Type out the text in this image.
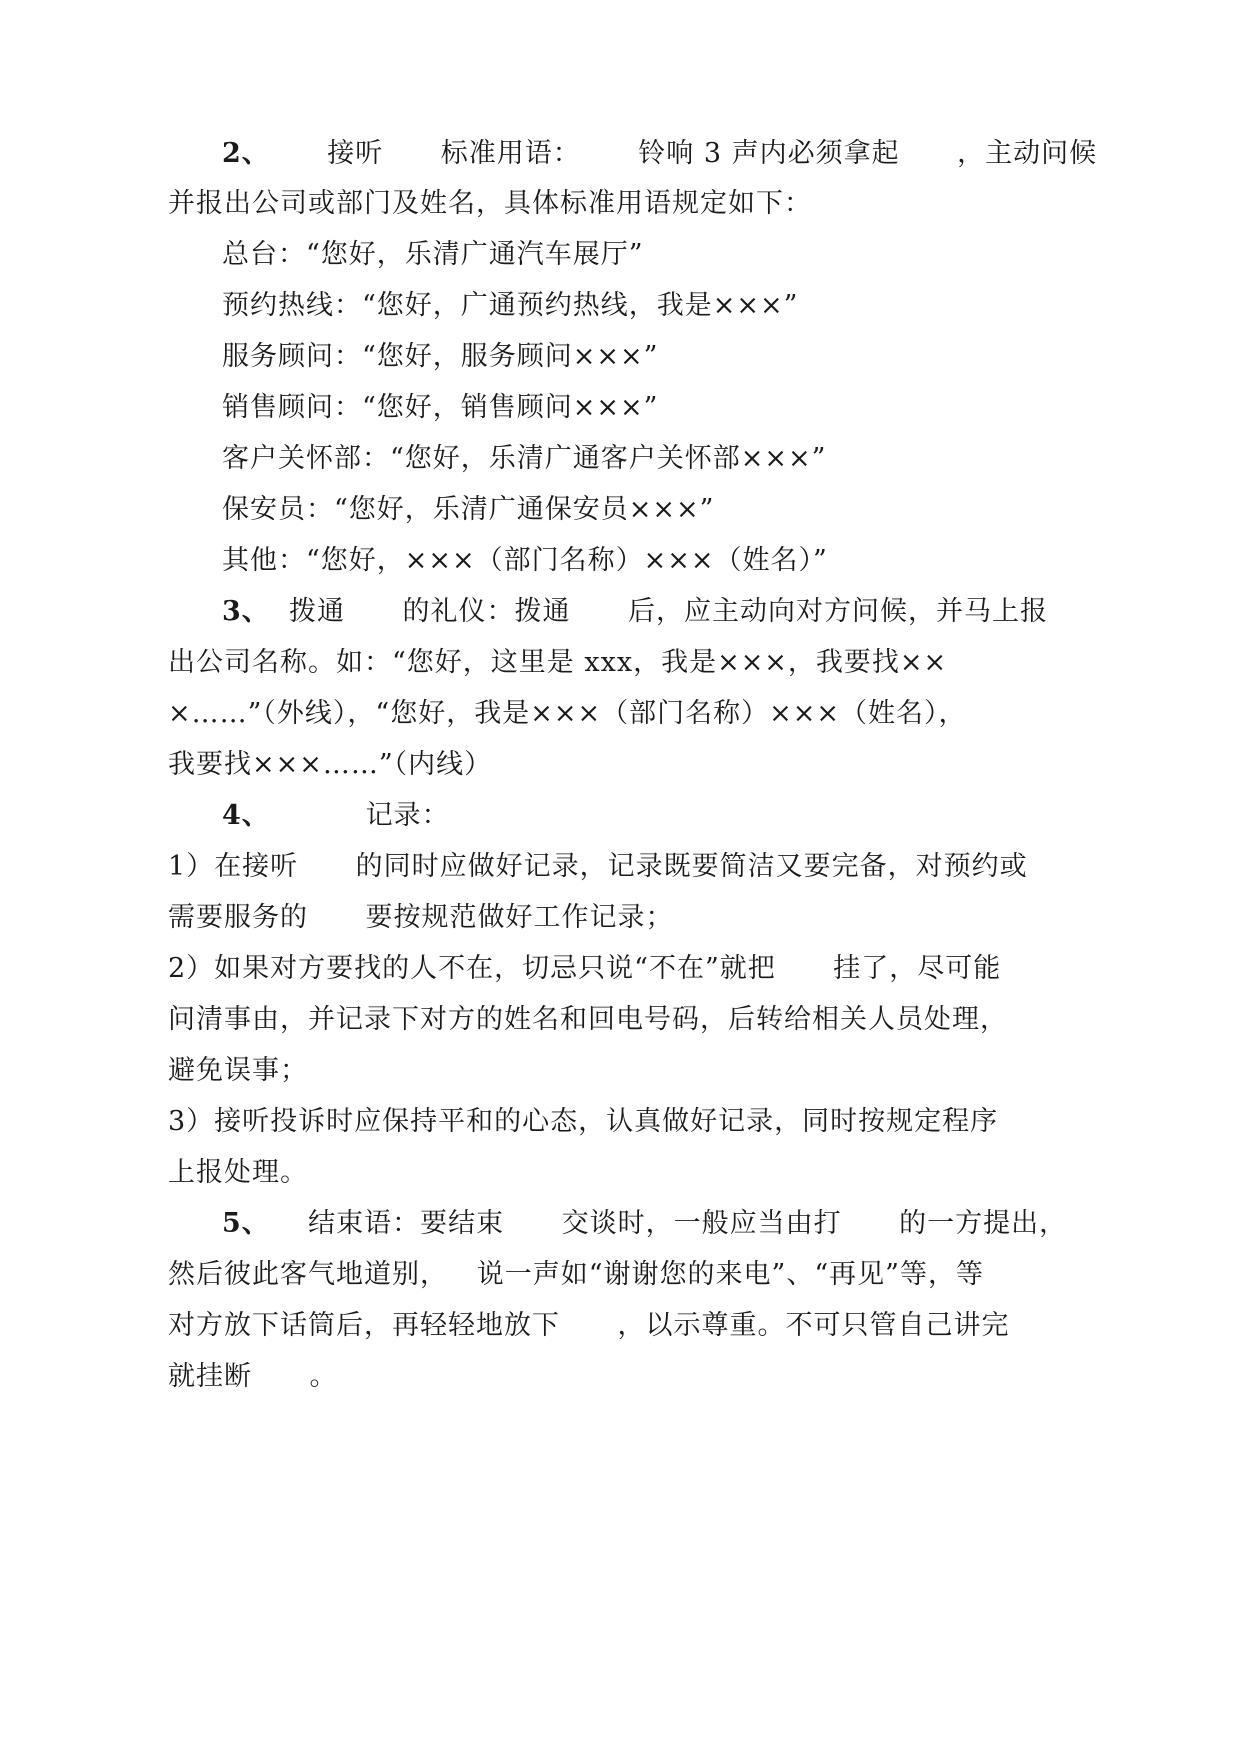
2、 接听      标准用语：      铃响 3 声内必须拿起      ，主动问候
并报出公司或部门及姓名，具体标准用语规定如下：
总台：“您好，乐清广通汽车展厅”
预约热线：“您好，广通预约热线，我是×××”
服务顾问：“您好，服务顾问×××”
销售顾问：“您好，销售顾问×××”
客户关怀部：“您好，乐清广通客户关怀部×××”
保安员：“您好，乐清广通保安员×××”
其他：“您好，×××（部门名称）×××（姓名）”
3、 拨通      的礼仪：拨通      后，应主动向对方问候，并马上报
出公司名称。如：“您好，这里是 xxx，我是×××，我要找××
×……”（外线），“您好，我是×××（部门名称）×××（姓名），
我要找×××……”（内线）
4、	记录：
1）在接听      的同时应做好记录，记录既要简洁又要完备，对预约或
需要服务的      要按规范做好工作记录；
2）如果对方要找的人不在，切忌只说“不在”就把      挂了，尽可能
问清事由，并记录下对方的姓名和回电号码，后转给相关人员处理，
避免误事；
3）接听投诉时应保持平和的心态，认真做好记录，同时按规定程序
上报处理。
5、 结束语：要结束      交谈时，一般应当由打      的一方提出，
然后彼此客气地道别，   说一声如“谢谢您的来电”、“再见”等，等
对方放下话筒后，再轻轻地放下      ，以示尊重。不可只管自己讲完
就挂断      。
